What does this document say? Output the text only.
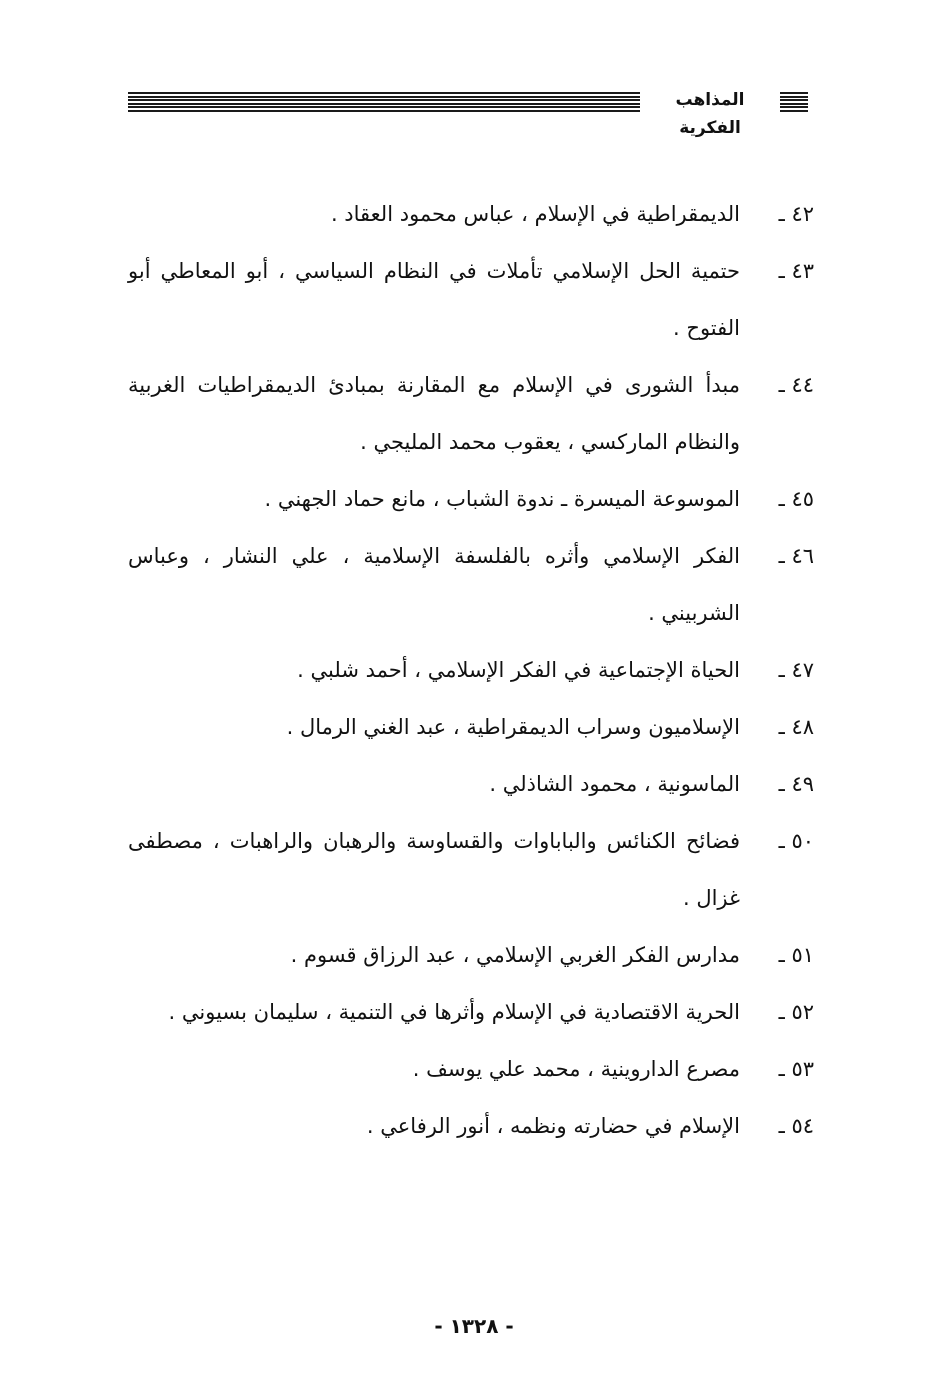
المذاهب الفكرية
٤٢ ـ
الديمقراطية في الإسلام ، عباس محمود العقاد .
٤٣ ـ
حتمية الحل الإسلامي تأملات في النظام السياسي ، أبو المعاطي أبو الفتوح .
٤٤ ـ
مبدأ الشورى في الإسلام مع المقارنة بمبادئ الديمقراطيات الغربية والنظام الماركسي ، يعقوب محمد المليجي .
٤٥ ـ
الموسوعة الميسرة ـ ندوة الشباب ، مانع حماد الجهني .
٤٦ ـ
الفكر الإسلامي وأثره بالفلسفة الإسلامية ، علي النشار ، وعباس الشربيني .
٤٧ ـ
الحياة الإجتماعية في الفكر الإسلامي ، أحمد شلبي .
٤٨ ـ
الإسلاميون وسراب الديمقراطية ، عبد الغني الرمال .
٤٩ ـ
الماسونية ، محمود الشاذلي .
٥٠ ـ
فضائح الكنائس والباباوات والقساوسة والرهبان والراهبات ، مصطفى غزال .
٥١ ـ
مدارس الفكر الغربي الإسلامي ، عبد الرزاق قسوم .
٥٢ ـ
الحرية الاقتصادية في الإسلام وأثرها في التنمية ، سليمان بسيوني .
٥٣ ـ
مصرع الداروينية ، محمد علي يوسف .
٥٤ ـ
الإسلام في حضارته ونظمه ، أنور الرفاعي .
- ١٣٢٨ -
